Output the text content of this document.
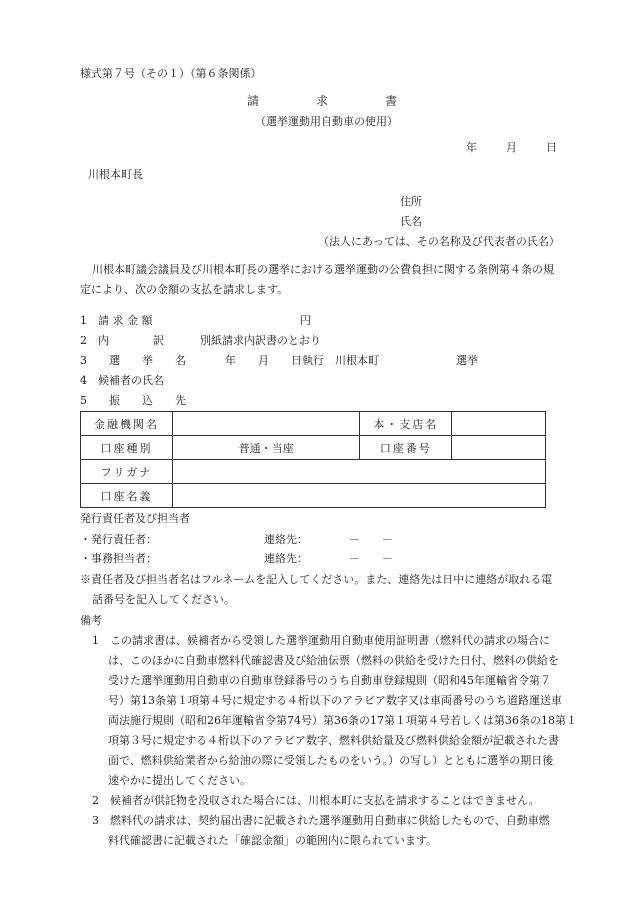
様式第７号（その１）（第６条関係）
請	求	書
（選挙運動用自動車の使用）
年	月	日
川根本町長
住所
氏名
（法人にあっては、その名称及び代表者の氏名）
川根本町議会議員及び川根本町長の選挙における選挙運動の公費負担に関する条例第４条の規
定により、次の金額の支払を請求します。
1　請 求 金 額	円
2　内　　　　訳	別紙請求内訳書のとおり
3　　選　　挙　　名	年　　月　　日執行　川根本町　　　　　　　選挙
4　候補者の氏名
5　　振　　込　　先
金融機関名		本・支店名	
口座種別	普通・当座	口座番号	
フリガナ			
口座名義			
発行責任者及び担当者
・発行責任者：	連絡先：	－　　－
・事務担当者：	連絡先：	－　　－
※責任者及び担当者名はフルネームを記入してください。また、連絡先は日中に連絡が取れる電
話番号を記入してください。
備考
1　この請求書は、候補者から受領した選挙運動用自動車使用証明書（燃料代の請求の場合に
は、このほかに自動車燃料代確認書及び給油伝票（燃料の供給を受けた日付、燃料の供給を
受けた選挙運動用自動車の自動車登録番号のうち自動車登録規則（昭和45年運輸省令第７
号）第13条第１項第４号に規定する４桁以下のアラビア数字又は車両番号のうち道路運送車
両法施行規則（昭和26年運輸省令第74号）第36条の17第１項第４号若しくは第36条の18第１
項第３号に規定する４桁以下のアラビア数字、燃料供給量及び燃料供給金額が記載された書
面で、燃料供給業者から給油の際に受領したものをいう。）の写し）とともに選挙の期日後
速やかに提出してください。
2　候補者が供託物を没収された場合には、川根本町に支払を請求することはできません。
3　燃料代の請求は、契約届出書に記載された選挙運動用自動車に供給したもので、自動車燃
料代確認書に記載された「確認金額」の範囲内に限られています。
